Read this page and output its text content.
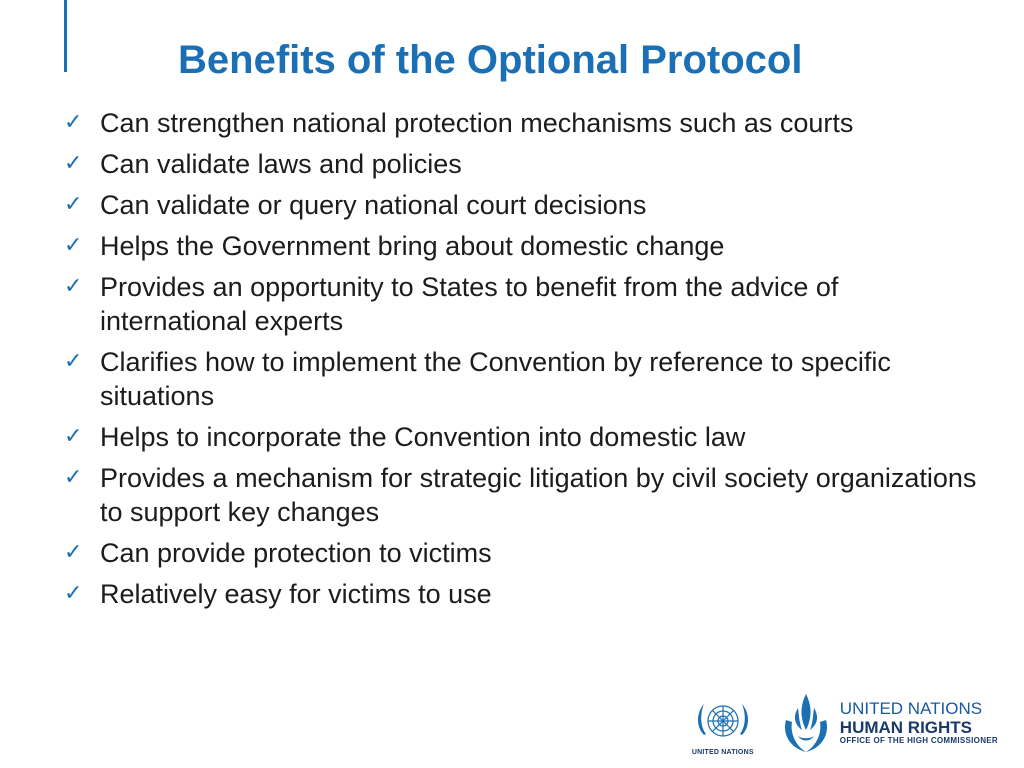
Benefits of the Optional Protocol
✓ Can strengthen national protection mechanisms such as courts
✓ Can validate laws and policies
✓ Can validate or query national court decisions
✓ Helps the Government bring about domestic change
✓ Provides an opportunity to States to benefit from the advice of international experts
✓ Clarifies how to implement the Convention by reference to specific situations
✓ Helps to incorporate the Convention into domestic law
✓ Provides a mechanism for strategic litigation by civil society organizations to support key changes
✓ Can provide protection to victims
✓ Relatively easy for victims to use
UNITED NATIONS
UNITED NATIONS
HUMAN RIGHTS
OFFICE OF THE HIGH COMMISSIONER
